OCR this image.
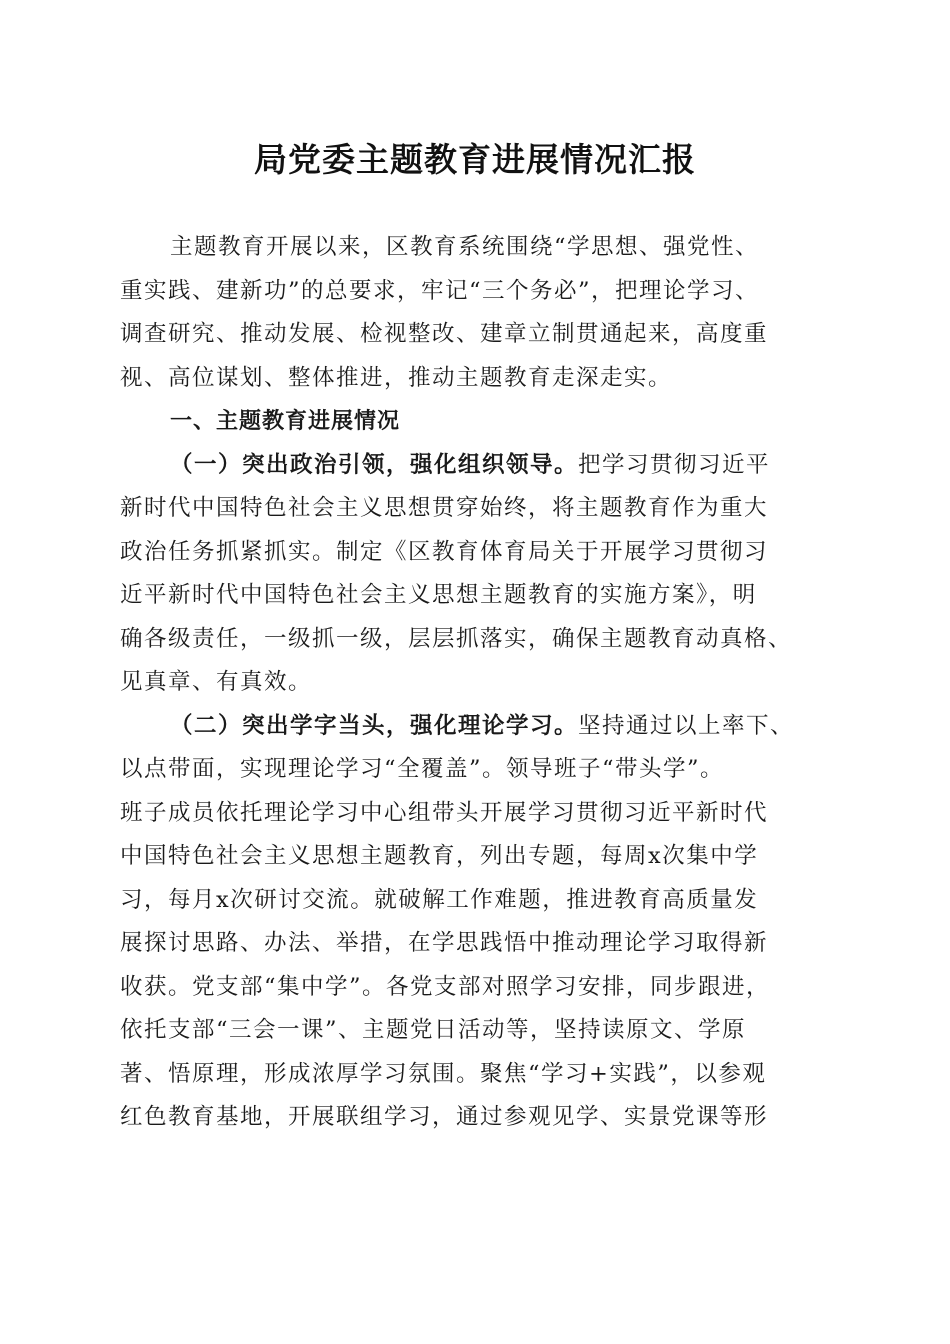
局党委主题教育进展情况汇报
主题教育开展以来，区教育系统围绕“学思想、强党性、
重实践、建新功”的总要求，牢记“三个务必”，把理论学习、
调查研究、推动发展、检视整改、建章立制贯通起来，高度重
视、高位谋划、整体推进，推动主题教育走深走实。
一、主题教育进展情况
（一）突出政治引领，强化组织领导。把学习贯彻习近平
新时代中国特色社会主义思想贯穿始终，将主题教育作为重大
政治任务抓紧抓实。制定《区教育体育局关于开展学习贯彻习
近平新时代中国特色社会主义思想主题教育的实施方案》，明
确各级责任，一级抓一级，层层抓落实，确保主题教育动真格、
见真章、有真效。
（二）突出学字当头，强化理论学习。坚持通过以上率下、
以点带面，实现理论学习“全覆盖”。领导班子“带头学”。
班子成员依托理论学习中心组带头开展学习贯彻习近平新时代
中国特色社会主义思想主题教育，列出专题，每周x次集中学
习，每月x次研讨交流。就破解工作难题，推进教育高质量发
展探讨思路、办法、举措，在学思践悟中推动理论学习取得新
收获。党支部“集中学”。各党支部对照学习安排，同步跟进，
依托支部“三会一课”、主题党日活动等，坚持读原文、学原
著、悟原理，形成浓厚学习氛围。聚焦“学习+实践”，以参观
红色教育基地，开展联组学习，通过参观见学、实景党课等形
